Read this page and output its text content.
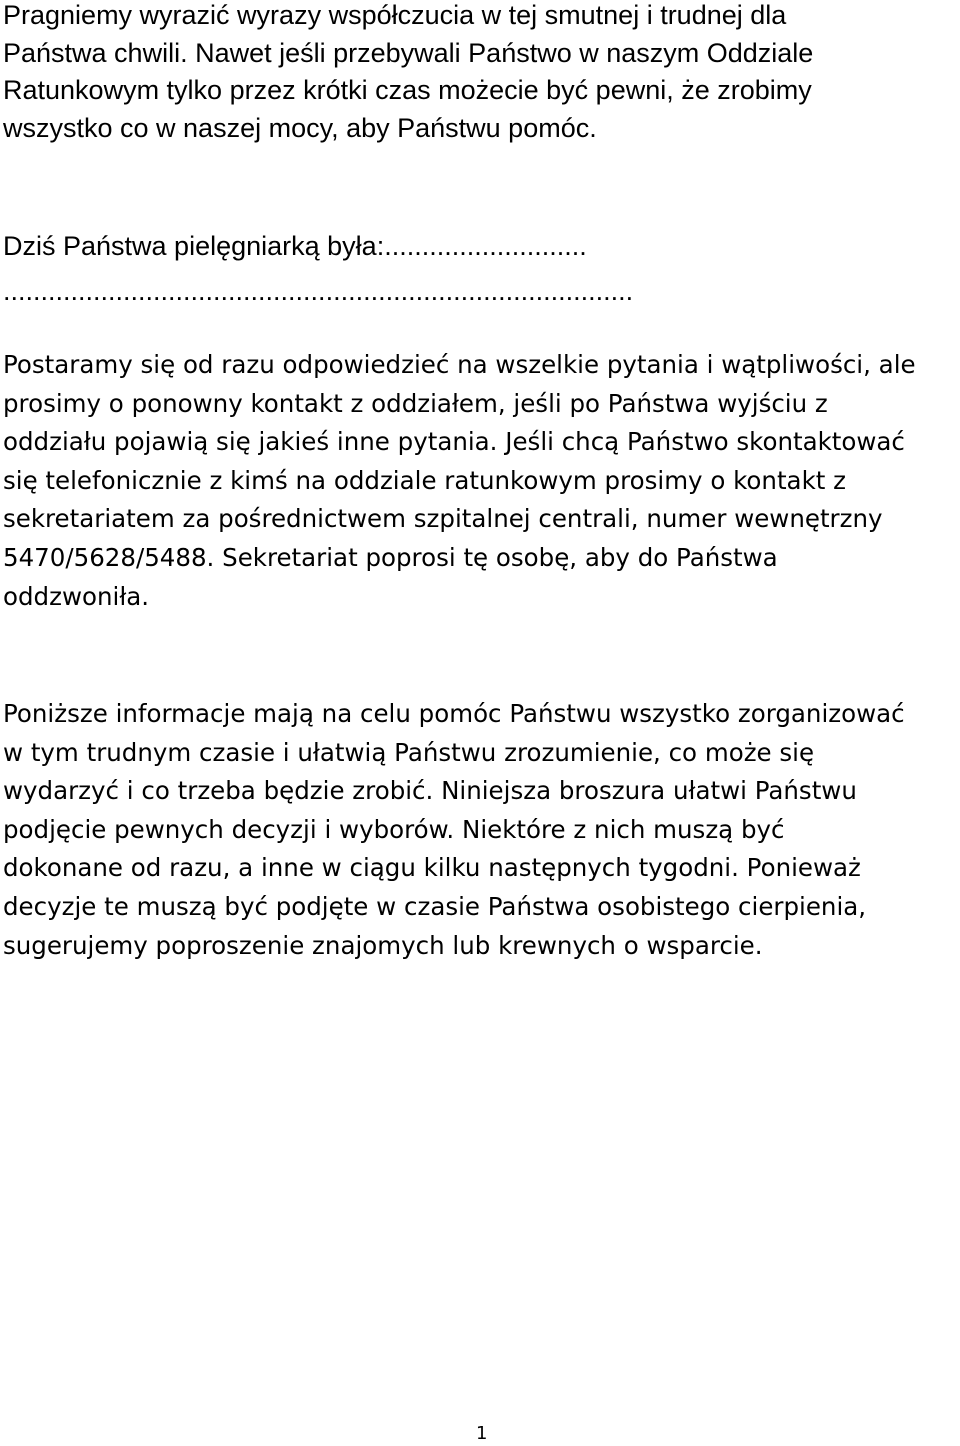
Pragniemy wyrazić wyrazy współczucia w tej smutnej i trudnej dla
Państwa chwili. Nawet jeśli przebywali Państwo w naszym Oddziale
Ratunkowym tylko przez krótki czas możecie być pewni, że zrobimy
wszystko co w naszej mocy, aby Państwu pomóc.

Dziś Państwa pielęgniarką była:...........................
....................................................................................

Postaramy się od razu odpowiedzieć na wszelkie pytania i wątpliwości, ale
prosimy o ponowny kontakt z oddziałem, jeśli po Państwa wyjściu z
oddziału pojawią się jakieś inne pytania. Jeśli chcą Państwo skontaktować
się telefonicznie z kimś na oddziale ratunkowym prosimy o kontakt z
sekretariatem za pośrednictwem szpitalnej centrali, numer wewnętrzny
5470/5628/5488. Sekretariat poprosi tę osobę, aby do Państwa
oddzwoniła.

Poniższe informacje mają na celu pomóc Państwu wszystko zorganizować
w tym trudnym czasie i ułatwią Państwu zrozumienie, co może się
wydarzyć i co trzeba będzie zrobić. Niniejsza broszura ułatwi Państwu
podjęcie pewnych decyzji i wyborów. Niektóre z nich muszą być
dokonane od razu, a inne w ciągu kilku następnych tygodni. Ponieważ
decyzje te muszą być podjęte w czasie Państwa osobistego cierpienia,
sugerujemy poproszenie znajomych lub krewnych o wsparcie.

1
